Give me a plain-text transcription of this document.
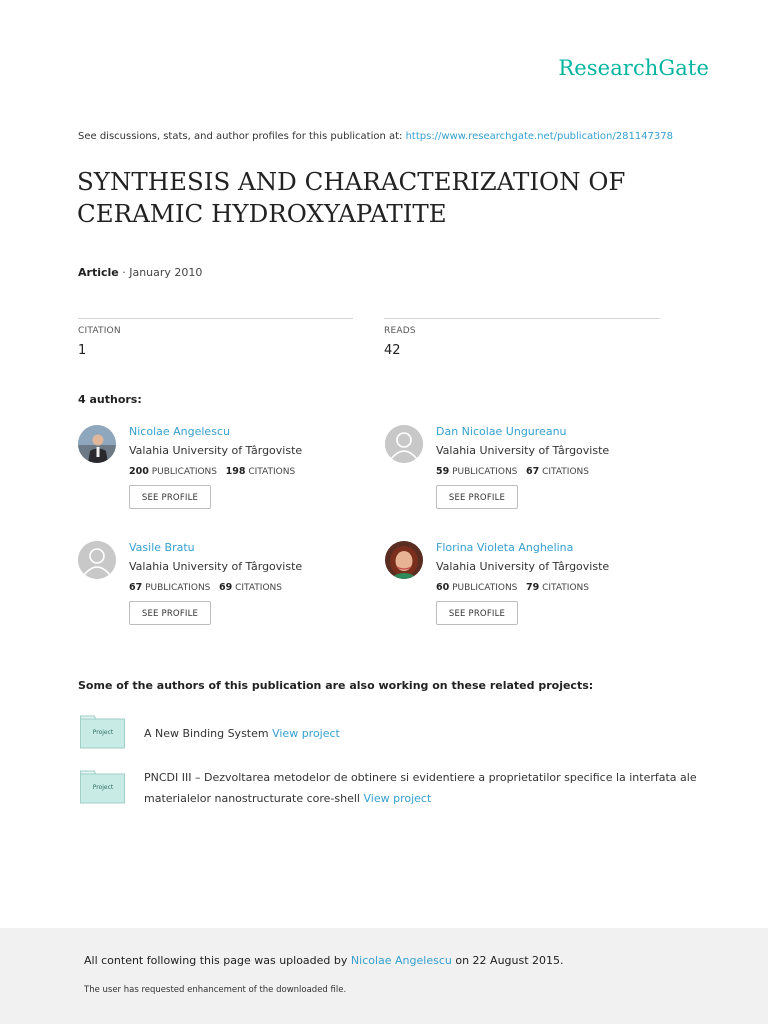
ResearchGate
See discussions, stats, and author profiles for this publication at: https://www.researchgate.net/publication/281147378
SYNTHESIS AND CHARACTERIZATION OF
CERAMIC HYDROXYAPATITE
Article · January 2010
CITATION
1
READS
42
4 authors:
Nicolae Angelescu
Valahia University of Târgoviste
200 PUBLICATIONS 198 CITATIONS
SEE PROFILE
Dan Nicolae Ungureanu
Valahia University of Târgoviste
59 PUBLICATIONS 67 CITATIONS
SEE PROFILE
Vasile Bratu
Valahia University of Târgoviste
67 PUBLICATIONS 69 CITATIONS
SEE PROFILE
Florina Violeta Anghelina
Valahia University of Târgoviste
60 PUBLICATIONS 79 CITATIONS
SEE PROFILE
Some of the authors of this publication are also working on these related projects:
Project	A New Binding System View project
Project
PNCDI III – Dezvoltarea metodelor de obtinere si evidentiere a proprietatilor specifice la interfata ale
materialelor nanostructurate core-shell View project
All content following this page was uploaded by Nicolae Angelescu on 22 August 2015.
The user has requested enhancement of the downloaded file.
